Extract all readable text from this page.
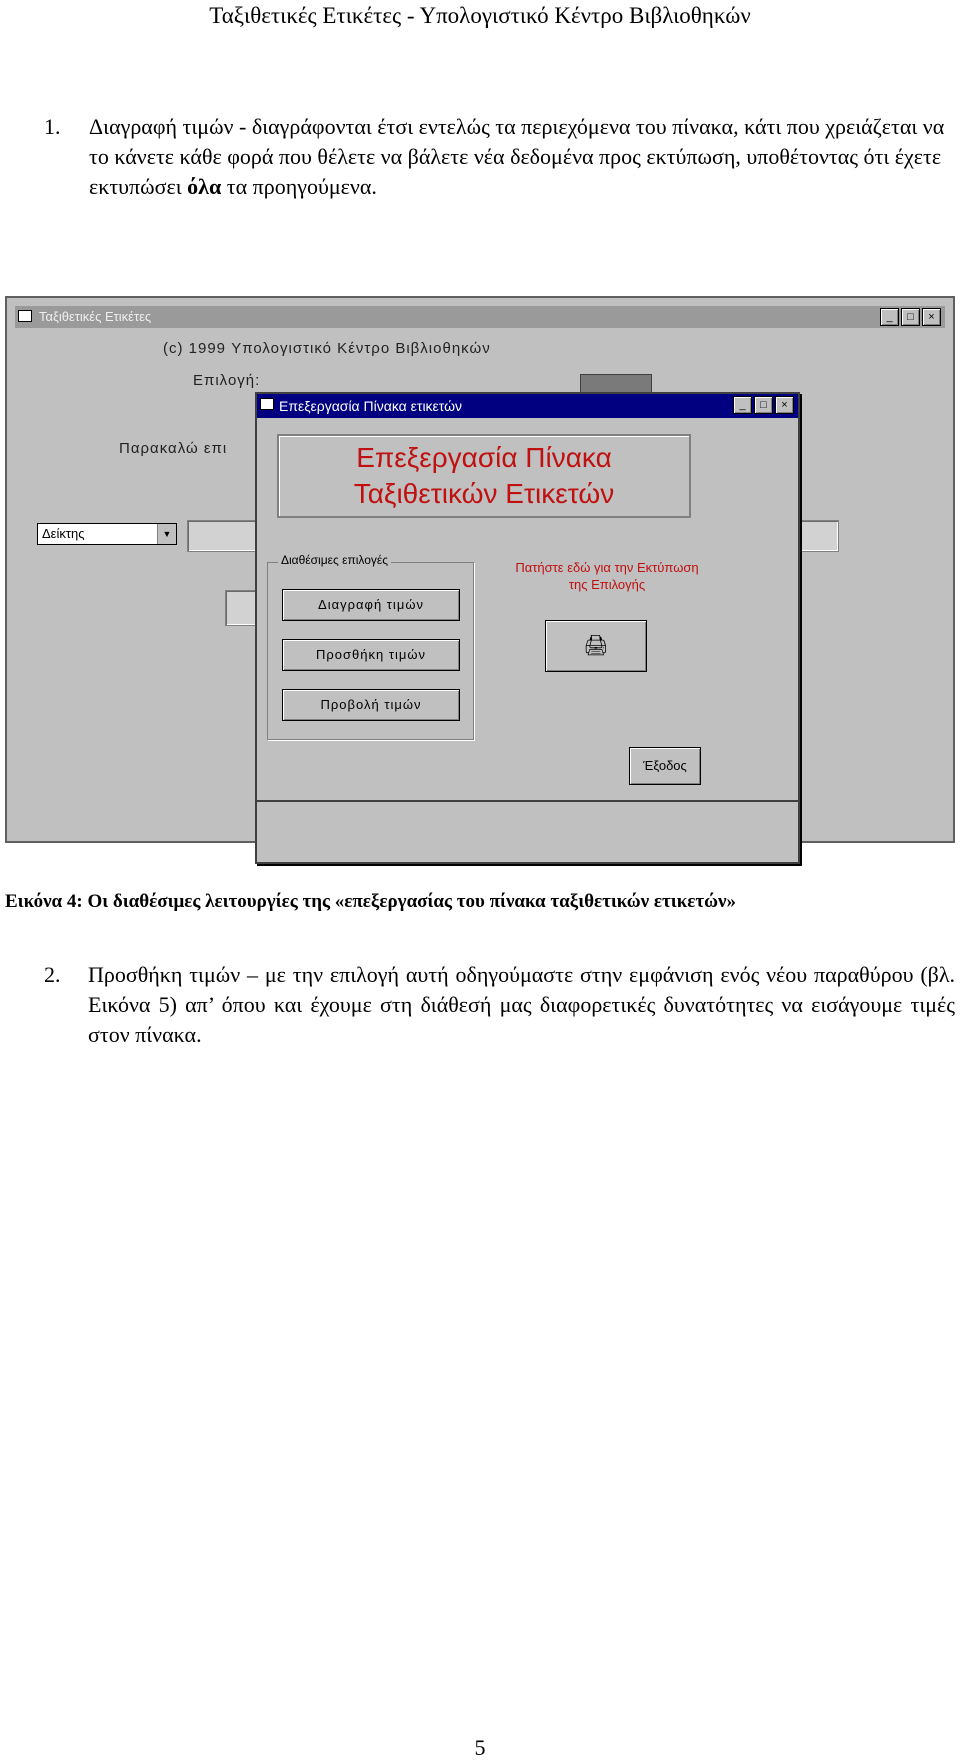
Ταξιθετικές Ετικέτες - Υπολογιστικό Κέντρο Βιβλιοθηκών
1. Διαγραφή τιμών - διαγράφονται έτσι εντελώς τα περιεχόμενα του πίνακα, κάτι που χρειάζεται να το κάνετε κάθε φορά που θέλετε να βάλετε νέα δεδομένα προς εκτύπωση, υποθέτοντας ότι έχετε εκτυπώσει όλα τα προηγούμενα.
Ταξιθετικές Ετικέτες	_ □ ×
(c) 1999 Υπολογιστικό Κέντρο Βιβλιοθηκών
Επιλογή:
Παρακαλώ επι
Δείκτης	▼
Επεξεργασία Πίνακα ετικετών	_ □ ×
Επεξεργασία Πίνακα
Ταξιθετικών Ετικετών
Διαθέσιμες επιλογές
Διαγραφή τιμών
Προσθήκη τιμών
Προβολή τιμών
Πατήστε εδώ για την Εκτύπωση της Επιλογής
🖨
Έξοδος
Εικόνα 4: Οι διαθέσιμες λειτουργίες της «επεξεργασίας του πίνακα ταξιθετικών ετικετών»
2. Προσθήκη τιμών – με την επιλογή αυτή οδηγούμαστε στην εμφάνιση ενός νέου παραθύρου (βλ. Εικόνα 5) απ’ όπου και έχουμε στη διάθεσή μας διαφορετικές δυνατότητες να εισάγουμε τιμές στον πίνακα.
5
